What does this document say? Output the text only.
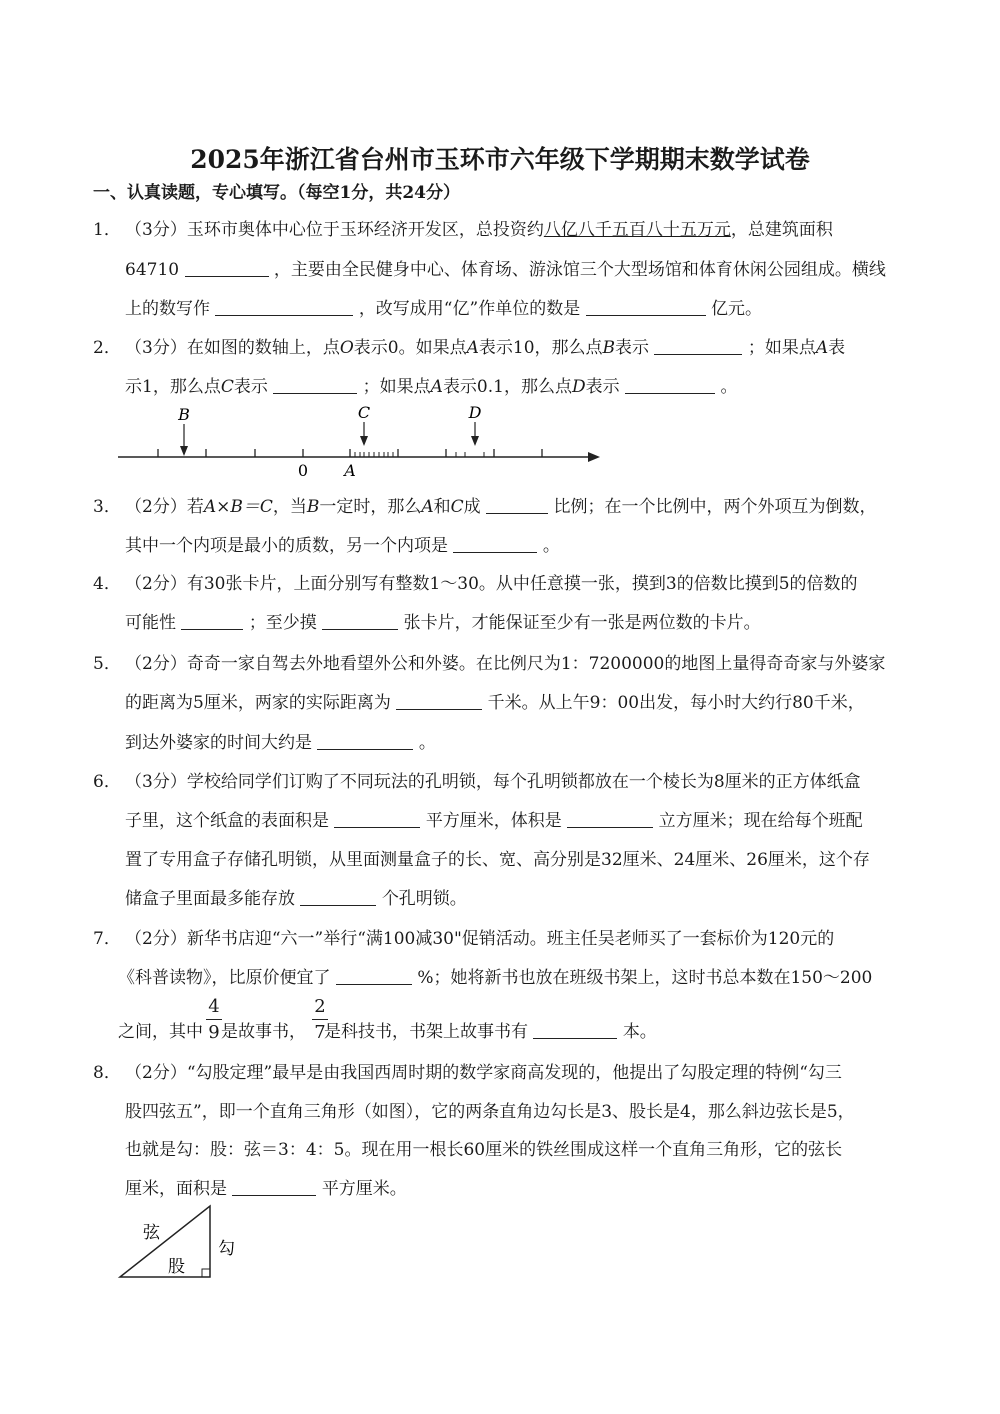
2025年浙江省台州市玉环市六年级下学期期末数学试卷
一、认真读题，专心填写。（每空1分，共24分）
1． （3分）玉环市奥体中心位于玉环经济开发区，总投资约八亿八千五百八十五万元，总建筑面积
64710	，主要由全民健身中心、体育场、游泳馆三个大型场馆和体育休闲公园组成。横线
上的数写作	，改写成用“亿”作单位的数是	亿元。
2． （3分）在如图的数轴上，点O表示0。如果点A表示10，那么点B表示	；如果点A表
示1，那么点C表示	；如果点A表示0.1，那么点D表示	。
B	C	D
0 A
3． （2分）若A×B＝C，当B一定时，那么A和C成	比例；在一个比例中，两个外项互为倒数，
其中一个内项是最小的质数，另一个内项是	。
4． （2分）有30张卡片，上面分别写有整数1～30。从中任意摸一张，摸到3的倍数比摸到5的倍数的
可能性	；至少摸	张卡片，才能保证至少有一张是两位数的卡片。
5． （2分）奇奇一家自驾去外地看望外公和外婆。在比例尺为1：7200000的地图上量得奇奇家与外婆家
的距离为5厘米，两家的实际距离为	千米。从上午9：00出发，每小时大约行80千米，
到达外婆家的时间大约是	。
6． （3分）学校给同学们订购了不同玩法的孔明锁，每个孔明锁都放在一个棱长为8厘米的正方体纸盒
子里，这个纸盒的表面积是	平方厘米，体积是	立方厘米；现在给每个班配
置了专用盒子存储孔明锁，从里面测量盒子的长、宽、高分别是32厘米、24厘米、26厘米，这个存
储盒子里面最多能存放	个孔明锁。
7． （2分）新华书店迎“六一”举行“满100减30"促销活动。班主任吴老师买了一套标价为120元的
《科普读物》，比原价便宜了	%；她将新书也放在班级书架上，这时书总本数在150～200
4
9
2
7
之间，其中 是故事书， 是科技书，书架上故事书有	本。
8． （2分）“勾股定理”最早是由我国西周时期的数学家商高发现的，他提出了勾股定理的特例“勾三
股四弦五”，即一个直角三角形（如图），它的两条直角边勾长是3、股长是4，那么斜边弦长是5，
也就是勾：股：弦＝3：4：5。现在用一根长60厘米的铁丝围成这样一个直角三角形，它的弦长
厘米，面积是	平方厘米。
弦
股
勾
